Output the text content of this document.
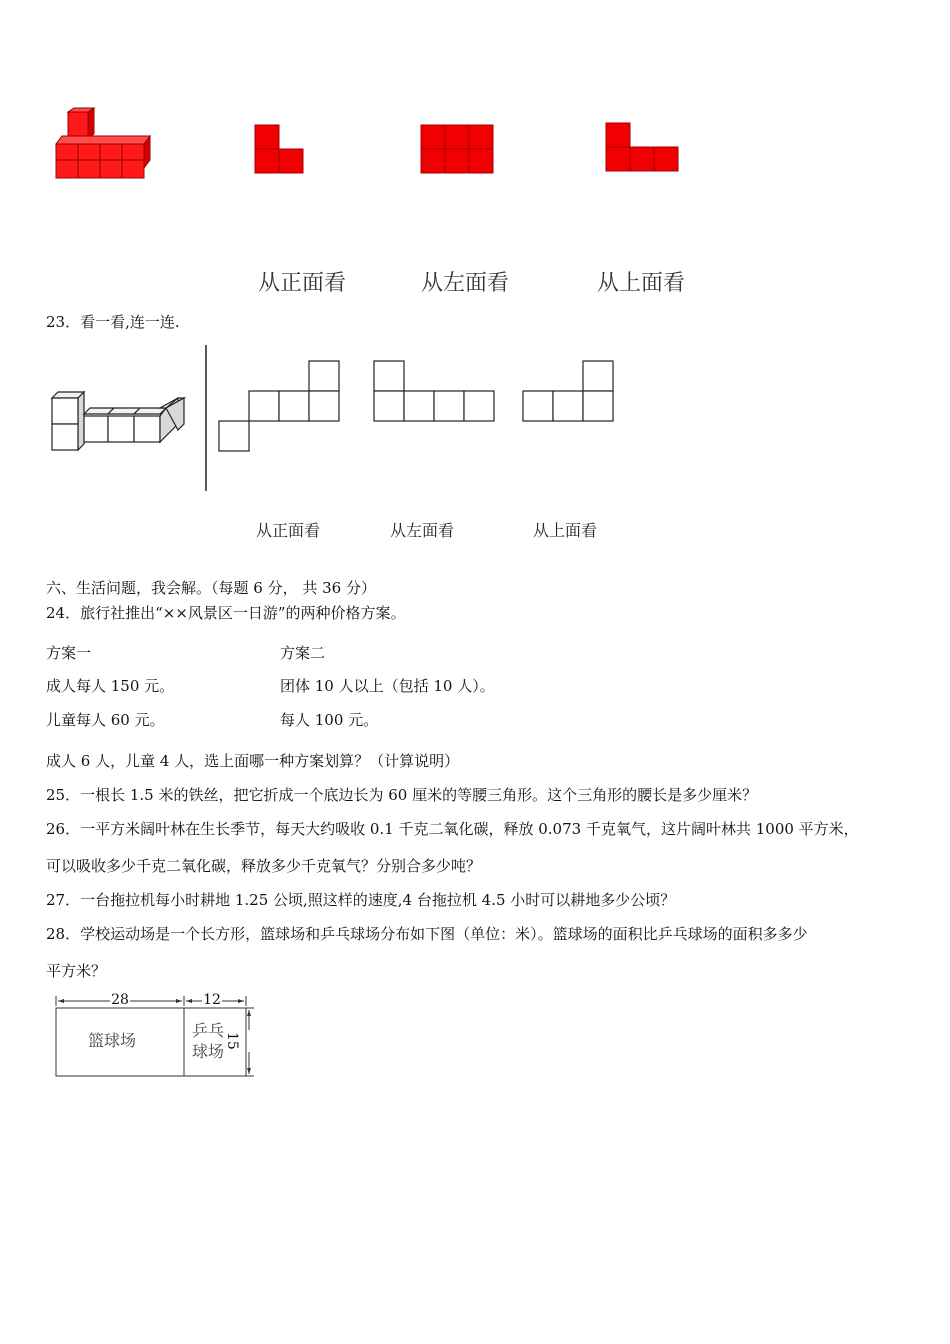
从正面看	从左面看	从上面看
23．看一看,连一连.
从正面看	从左面看	从上面看
六、生活问题，我会解。（每题 6 分， 共 36 分）
24．旅行社推出“××风景区一日游”的两种价格方案。
方案一	方案二
成人每人 150 元。	团体 10 人以上（包括 10 人）。
儿童每人 60 元。	每人 100 元。
成人 6 人，儿童 4 人，选上面哪一种方案划算？（计算说明）
25．一根长 1.5 米的铁丝，把它折成一个底边长为 60 厘米的等腰三角形。这个三角形的腰长是多少厘米？
26．一平方米阔叶林在生长季节，每天大约吸收 0.1 千克二氧化碳，释放 0.073 千克氧气，这片阔叶林共 1000 平方米，
可以吸收多少千克二氧化碳，释放多少千克氧气？分别合多少吨？
27．一台拖拉机每小时耕地 1.25 公顷,照这样的速度,4 台拖拉机 4.5 小时可以耕地多少公顷？
28．学校运动场是一个长方形，篮球场和乒乓球场分布如下图（单位：米）。篮球场的面积比乒乓球场的面积多多少
平方米？
28	12
15
篮球场
乒乓
球场
